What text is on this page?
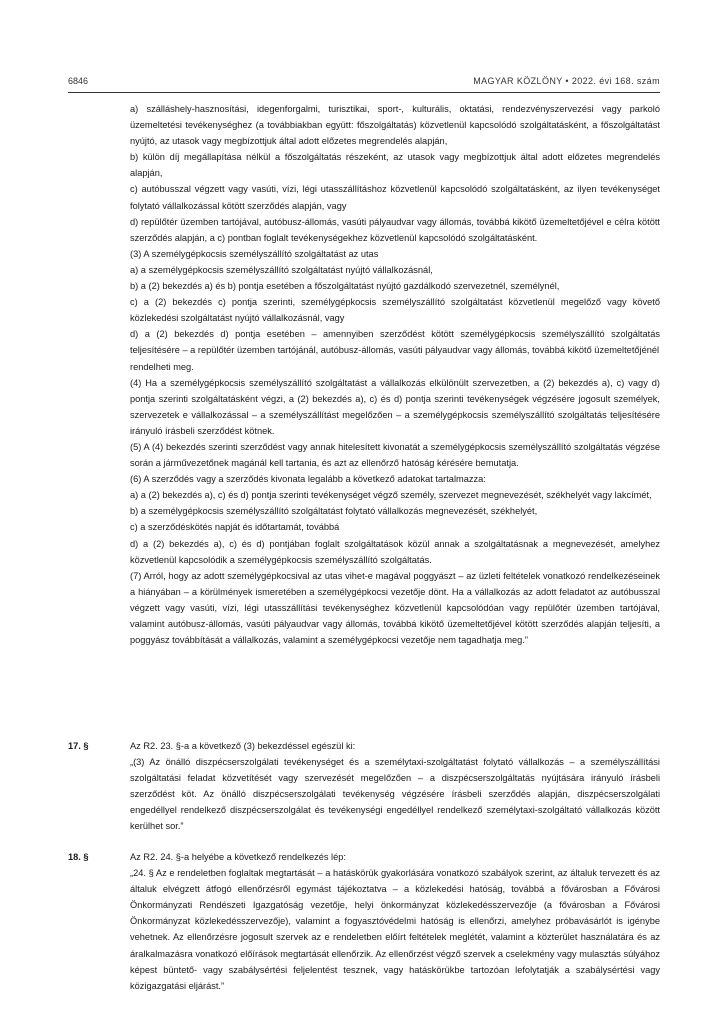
6846	MAGYAR KÖZLÖNY • 2022. évi 168. szám

a) szálláshely-hasznosítási, idegenforgalmi, turisztikai, sport-, kulturális, oktatási, rendezvényszervezési vagy parkoló üzemeltetési tevékenységhez (a továbbiakban együtt: főszolgáltatás) közvetlenül kapcsolódó szolgáltatásként, a főszolgáltatást nyújtó, az utasok vagy megbízottjuk által adott előzetes megrendelés alapján,

b) külön díj megállapítása nélkül a főszolgáltatás részeként, az utasok vagy megbízottjuk által adott előzetes megrendelés alapján,

c) autóbusszal végzett vagy vasúti, vízi, légi utasszállításhoz közvetlenül kapcsolódó szolgáltatásként, az ilyen tevékenységet folytató vállalkozással kötött szerződés alapján, vagy

d) repülőtér üzemben tartójával, autóbusz-állomás, vasúti pályaudvar vagy állomás, továbbá kikötő üzemeltetőjével e célra kötött szerződés alapján, a c) pontban foglalt tevékenységekhez közvetlenül kapcsolódó szolgáltatásként.

(3) A személygépkocsis személyszállító szolgáltatást az utas

a) a személygépkocsis személyszállító szolgáltatást nyújtó vállalkozásnál,

b) a (2) bekezdés a) és b) pontja esetében a főszolgáltatást nyújtó gazdálkodó szervezetnél, személynél,

c) a (2) bekezdés c) pontja szerinti, személygépkocsis személyszállító szolgáltatást közvetlenül megelőző vagy követő közlekedési szolgáltatást nyújtó vállalkozásnál, vagy

d) a (2) bekezdés d) pontja esetében – amennyiben szerződést kötött személygépkocsis személyszállító szolgáltatás teljesítésére – a repülőtér üzemben tartójánál, autóbusz-állomás, vasúti pályaudvar vagy állomás, továbbá kikötő üzemeltetőjénél

rendelheti meg.

(4) Ha a személygépkocsis személyszállító szolgáltatást a vállalkozás elkülönült szervezetben, a (2) bekezdés a), c) vagy d) pontja szerinti szolgáltatásként végzi, a (2) bekezdés a), c) és d) pontja szerinti tevékenységek végzésére jogosult személyek, szervezetek e vállalkozással – a személyszállítást megelőzően – a személygépkocsis személyszállító szolgáltatás teljesítésére irányuló írásbeli szerződést kötnek.

(5) A (4) bekezdés szerinti szerződést vagy annak hitelesített kivonatát a személygépkocsis személyszállító szolgáltatás végzése során a járművezetőnek magánál kell tartania, és azt az ellenőrző hatóság kérésére bemutatja.

(6) A szerződés vagy a szerződés kivonata legalább a következő adatokat tartalmazza:

a) a (2) bekezdés a), c) és d) pontja szerinti tevékenységet végző személy, szervezet megnevezését, székhelyét vagy lakcímét,

b) a személygépkocsis személyszállító szolgáltatást folytató vállalkozás megnevezését, székhelyét,

c) a szerződéskötés napját és időtartamát, továbbá

d) a (2) bekezdés a), c) és d) pontjában foglalt szolgáltatások közül annak a szolgáltatásnak a megnevezését, amelyhez közvetlenül kapcsolódik a személygépkocsis személyszállító szolgáltatás.

(7) Arról, hogy az adott személygépkocsival az utas vihet-e magával poggyászt – az üzleti feltételek vonatkozó rendelkezéseinek a hiányában – a körülmények ismeretében a személygépkocsi vezetője dönt. Ha a vállalkozás az adott feladatot az autóbusszal végzett vagy vasúti, vízi, légi utasszállítási tevékenységhez közvetlenül kapcsolódóan vagy repülőtér üzemben tartójával, valamint autóbusz-állomás, vasúti pályaudvar vagy állomás, továbbá kikötő üzemeltetőjével kötött szerződés alapján teljesíti, a poggyász továbbítását a vállalkozás, valamint a személygépkocsi vezetője nem tagadhatja meg.”

17. §	Az R2. 23. §-a a következő (3) bekezdéssel egészül ki:

„(3) Az önálló diszpécserszolgálati tevékenységet és a személytaxi-szolgáltatást folytató vállalkozás – a személyszállítási szolgáltatási feladat közvetítését vagy szervezését megelőzően – a diszpécserszolgáltatás nyújtására irányuló írásbeli szerződést köt. Az önálló diszpécserszolgálati tevékenység végzésére írásbeli szerződés alapján, diszpécserszolgálati engedéllyel rendelkező diszpécserszolgálat és tevékenységi engedéllyel rendelkező személytaxi-szolgáltató vállalkozás között kerülhet sor.”

18. §	Az R2. 24. §-a helyébe a következő rendelkezés lép:

„24. § Az e rendeletben foglaltak megtartását – a hatáskörük gyakorlására vonatkozó szabályok szerint, az általuk tervezett és az általuk elvégzett átfogó ellenőrzésről egymást tájékoztatva – a közlekedési hatóság, továbbá a fővárosban a Fővárosi Önkormányzati Rendészeti Igazgatóság vezetője, helyi önkormányzat közlekedésszervezője (a fővárosban a Fővárosi Önkormányzat közlekedésszervezője), valamint a fogyasztóvédelmi hatóság is ellenőrzi, amelyhez próbavásárlót is igénybe vehetnek. Az ellenőrzésre jogosult szervek az e rendeletben előírt feltételek meglétét, valamint a közterület használatára és az áralkalmazásra vonatkozó előírások megtartását ellenőrzik. Az ellenőrzést végző szervek a cselekmény vagy mulasztás súlyához képest büntető- vagy szabálysértési feljelentést tesznek, vagy hatáskörükbe tartozóan lefolytatják a szabálysértési vagy közigazgatási eljárást.”
